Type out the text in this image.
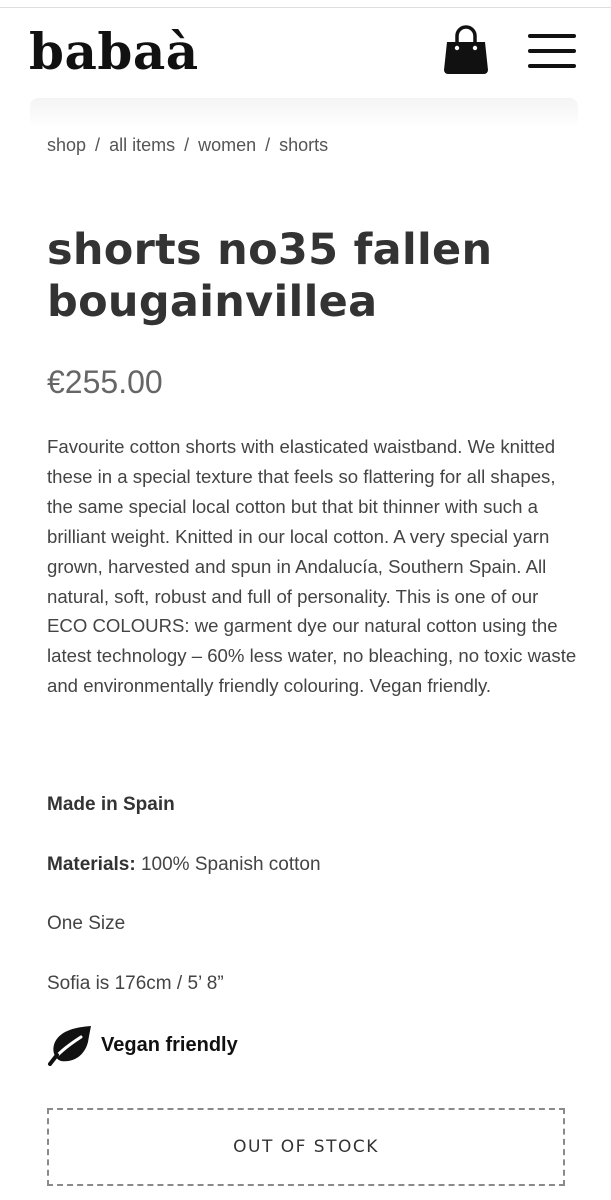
babaà
shop / all items / women / shorts
shorts no35 fallen
bougainvillea
€255.00

Favourite cotton shorts with elasticated waistband. We knitted these in a special texture that feels so flattering for all shapes, the same special local cotton but that bit thinner with such a brilliant weight. Knitted in our local cotton. A very special yarn grown, harvested and spun in Andalucía, Southern Spain. All natural, soft, robust and full of personality. This is one of our ECO COLOURS: we garment dye our natural cotton using the latest technology – 60% less water, no bleaching, no toxic waste and environmentally friendly colouring. Vegan friendly.

Made in Spain
Materials: 100% Spanish cotton
One Size
Sofia is 176cm / 5’ 8”
Vegan friendly
OUT OF STOCK
